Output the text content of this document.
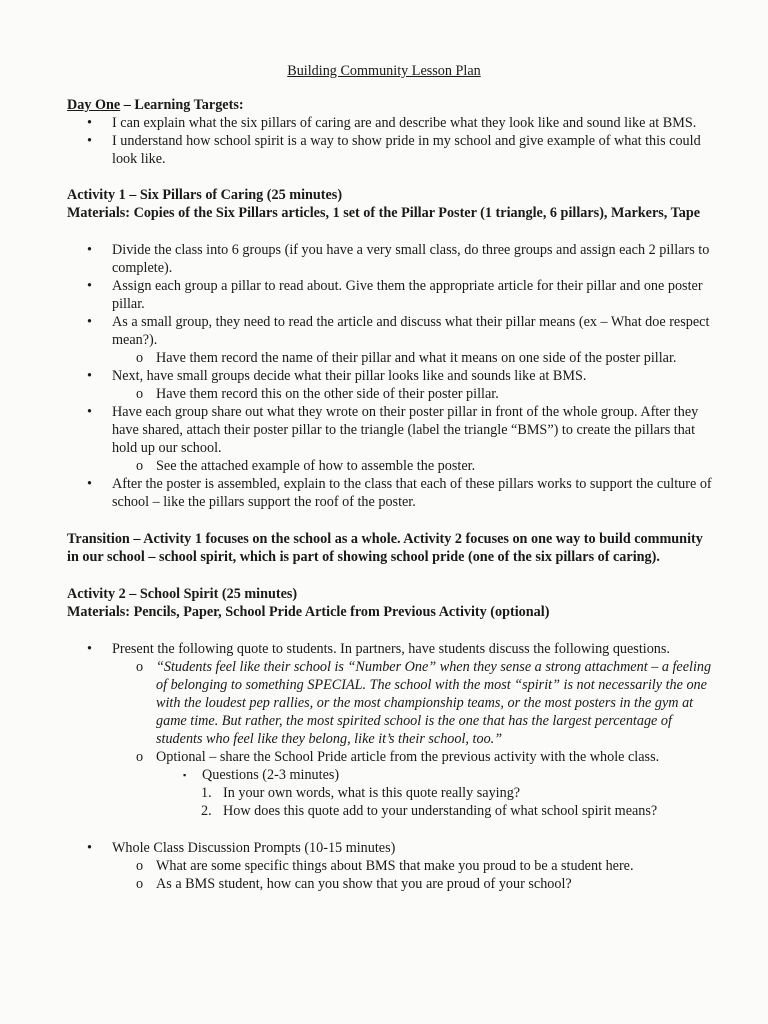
Building Community Lesson Plan
Day One – Learning Targets:
• I can explain what the six pillars of caring are and describe what they look like and sound like at BMS.
• I understand how school spirit is a way to show pride in my school and give example of what this could look like.
Activity 1 – Six Pillars of Caring (25 minutes)
Materials: Copies of the Six Pillars articles, 1 set of the Pillar Poster (1 triangle, 6 pillars), Markers, Tape
• Divide the class into 6 groups (if you have a very small class, do three groups and assign each 2 pillars to complete).
• Assign each group a pillar to read about. Give them the appropriate article for their pillar and one poster pillar.
• As a small group, they need to read the article and discuss what their pillar means (ex – What doe respect mean?).
o Have them record the name of their pillar and what it means on one side of the poster pillar.
• Next, have small groups decide what their pillar looks like and sounds like at BMS.
o Have them record this on the other side of their poster pillar.
• Have each group share out what they wrote on their poster pillar in front of the whole group. After they have shared, attach their poster pillar to the triangle (label the triangle “BMS”) to create the pillars that hold up our school.
o See the attached example of how to assemble the poster.
• After the poster is assembled, explain to the class that each of these pillars works to support the culture of school – like the pillars support the roof of the poster.
Transition – Activity 1 focuses on the school as a whole. Activity 2 focuses on one way to build community in our school – school spirit, which is part of showing school pride (one of the six pillars of caring).
Activity 2 – School Spirit (25 minutes)
Materials: Pencils, Paper, School Pride Article from Previous Activity (optional)
• Present the following quote to students. In partners, have students discuss the following questions.
o “Students feel like their school is “Number One” when they sense a strong attachment – a feeling of belonging to something SPECIAL. The school with the most “spirit” is not necessarily the one with the loudest pep rallies, or the most championship teams, or the most posters in the gym at game time. But rather, the most spirited school is the one that has the largest percentage of students who feel like they belong, like it’s their school, too.”
o Optional – share the School Pride article from the previous activity with the whole class.
▪ Questions (2-3 minutes)
1. In your own words, what is this quote really saying?
2. How does this quote add to your understanding of what school spirit means?
• Whole Class Discussion Prompts (10-15 minutes)
o What are some specific things about BMS that make you proud to be a student here.
o As a BMS student, how can you show that you are proud of your school?
